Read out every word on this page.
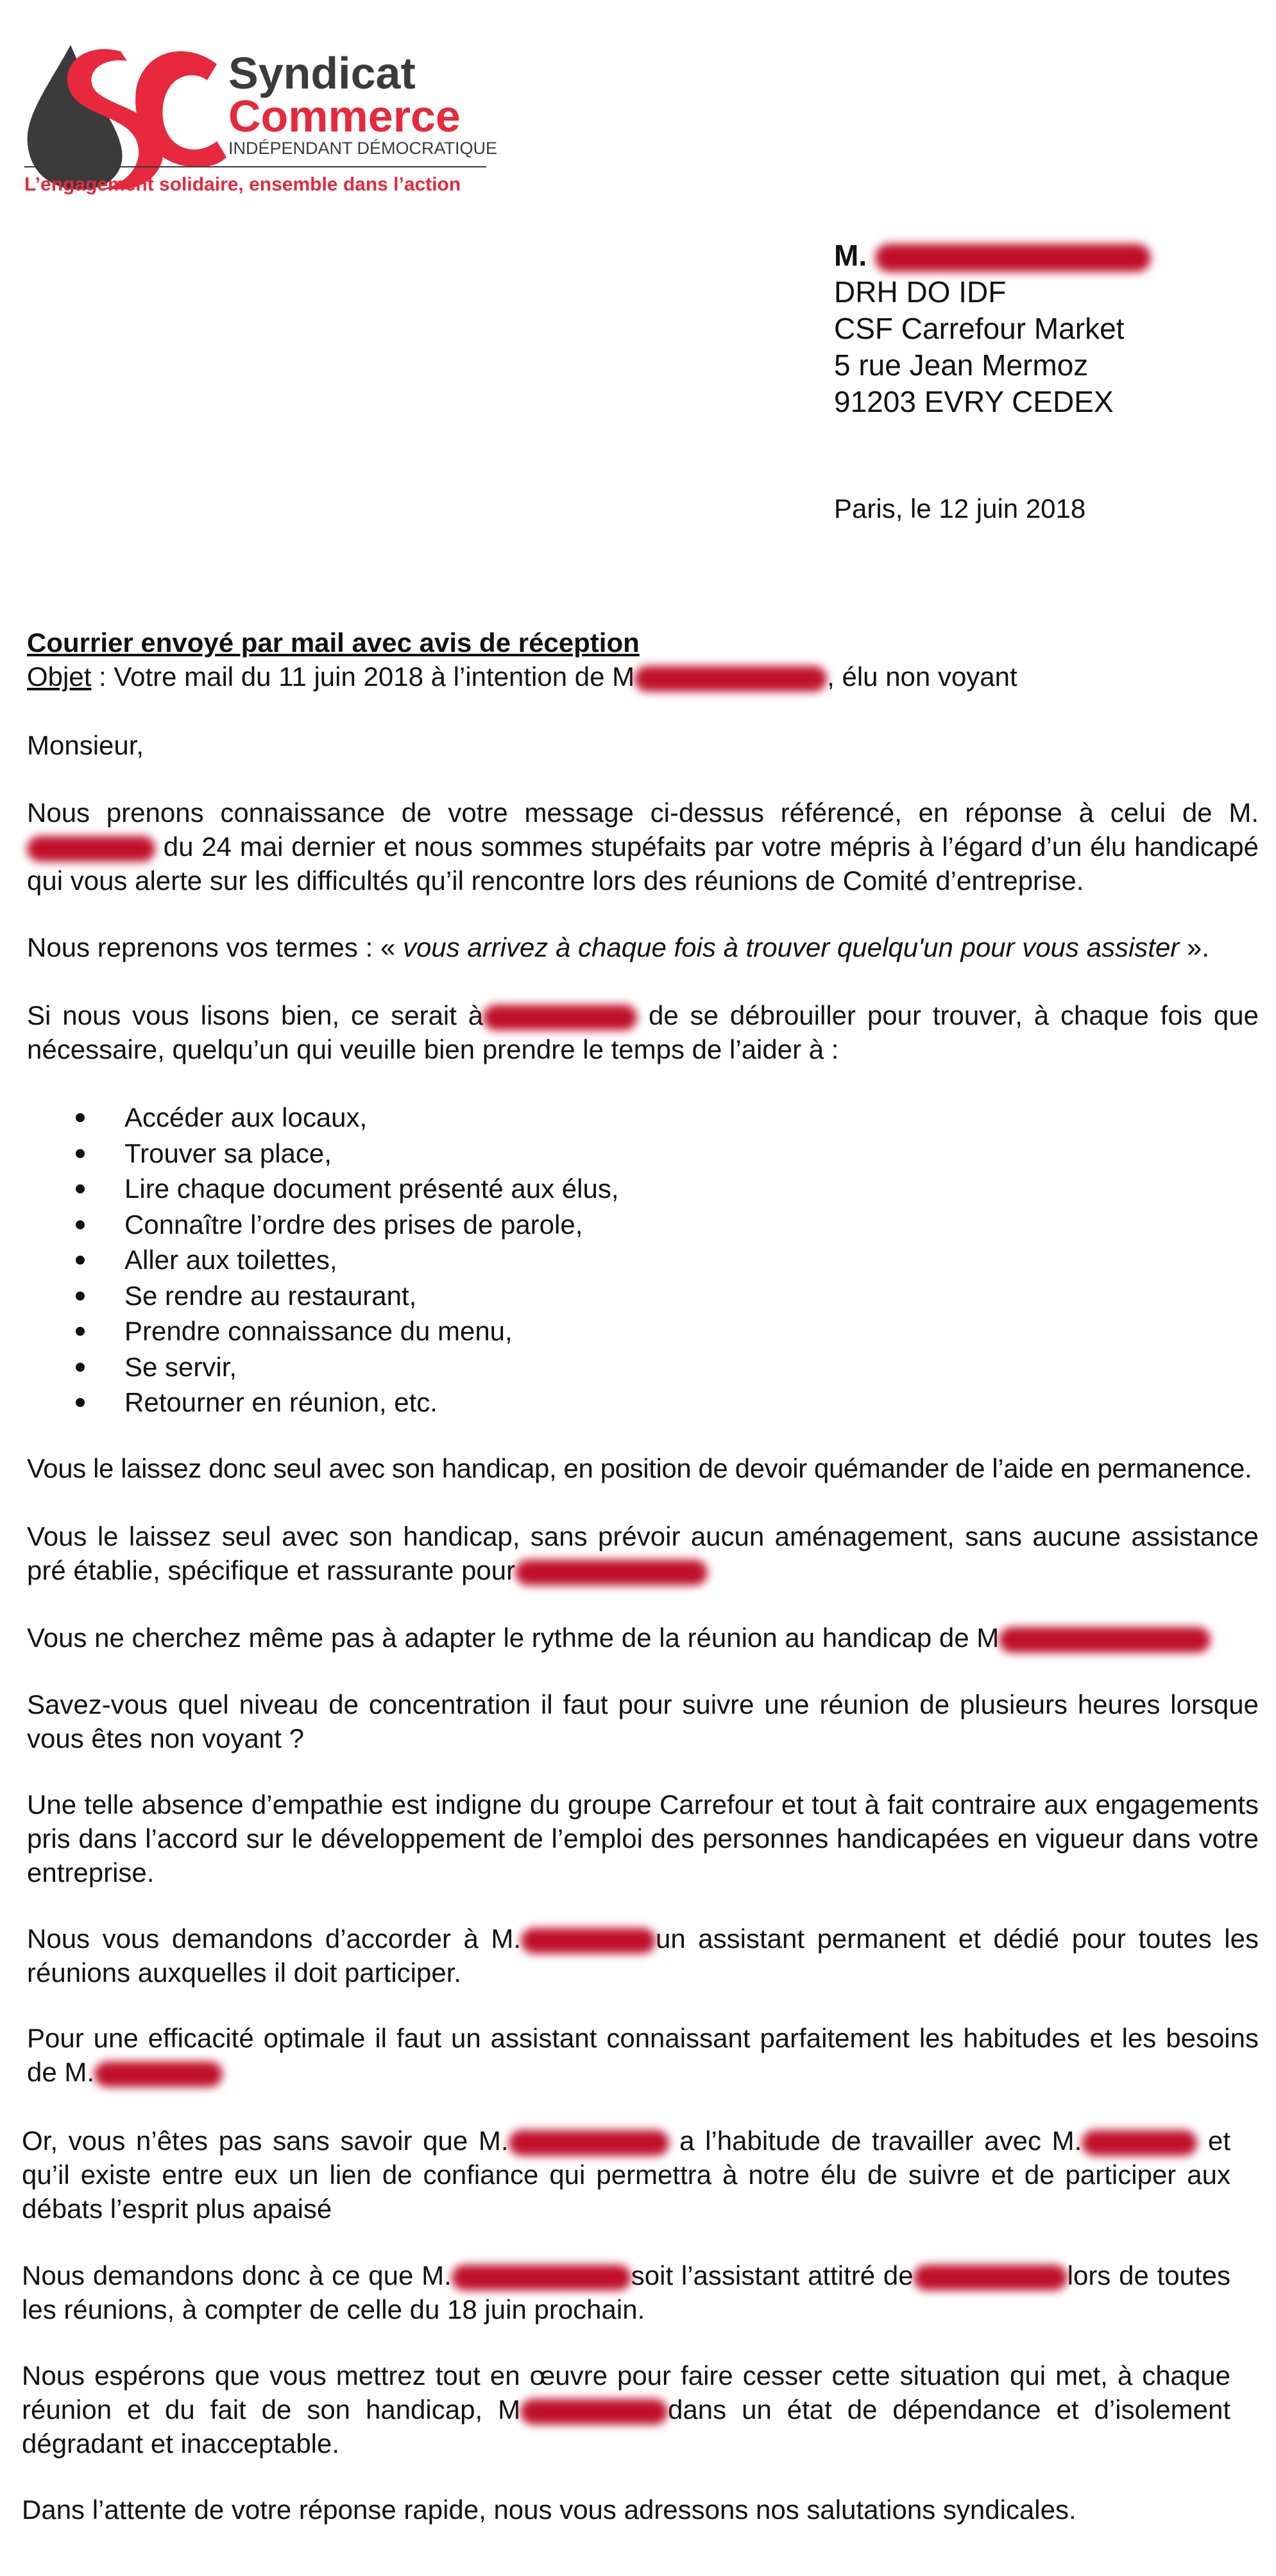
Syndicat
Commerce
INDÉPENDANT DÉMOCRATIQUE
L’engagement solidaire, ensemble dans l’action
M.
DRH DO IDF
CSF Carrefour Market
5 rue Jean Mermoz
91203 EVRY CEDEX
Paris, le 12 juin 2018
Courrier envoyé par mail avec avis de réception
Objet : Votre mail du 11 juin 2018 à l’intention de M	, élu non voyant
Monsieur,
Nous prenons connaissance de votre message ci-dessus référencé, en réponse à celui de M. du 24 mai dernier et nous sommes stupéfaits par votre mépris à l’égard d’un élu handicapé qui vous alerte sur les difficultés qu’il rencontre lors des réunions de Comité d’entreprise.
Nous reprenons vos termes : « vous arrivez à chaque fois à trouver quelqu'un pour vous assister ».
Si nous vous lisons bien, ce serait à	de se débrouiller pour trouver, à chaque fois que nécessaire, quelqu’un qui veuille bien prendre le temps de l’aider à :
Accéder aux locaux,
Trouver sa place,
Lire chaque document présenté aux élus,
Connaître l’ordre des prises de parole,
Aller aux toilettes,
Se rendre au restaurant,
Prendre connaissance du menu,
Se servir,
Retourner en réunion, etc.
Vous le laissez donc seul avec son handicap, en position de devoir quémander de l’aide en permanence.
Vous le laissez seul avec son handicap, sans prévoir aucun aménagement, sans aucune assistance pré établie, spécifique et rassurante pour
Vous ne cherchez même pas à adapter le rythme de la réunion au handicap de M
Savez-vous quel niveau de concentration il faut pour suivre une réunion de plusieurs heures lorsque vous êtes non voyant ?
Une telle absence d’empathie est indigne du groupe Carrefour et tout à fait contraire aux engagements pris dans l’accord sur le développement de l’emploi des personnes handicapées en vigueur dans votre entreprise.
Nous vous demandons d’accorder à M.	un assistant permanent et dédié pour toutes les réunions auxquelles il doit participer.
Pour une efficacité optimale il faut un assistant connaissant parfaitement les habitudes et les besoins de M.
Or, vous n’êtes pas sans savoir que M.	a l’habitude de travailler avec M.	et qu’il existe entre eux un lien de confiance qui permettra à notre élu de suivre et de participer aux débats l’esprit plus apaisé
Nous demandons donc à ce que M.	soit l’assistant attitré de	lors de toutes les réunions, à compter de celle du 18 juin prochain.
Nous espérons que vous mettrez tout en œuvre pour faire cesser cette situation qui met, à chaque réunion et du fait de son handicap, M	dans un état de dépendance et d’isolement dégradant et inacceptable.
Dans l’attente de votre réponse rapide, nous vous adressons nos salutations syndicales.
